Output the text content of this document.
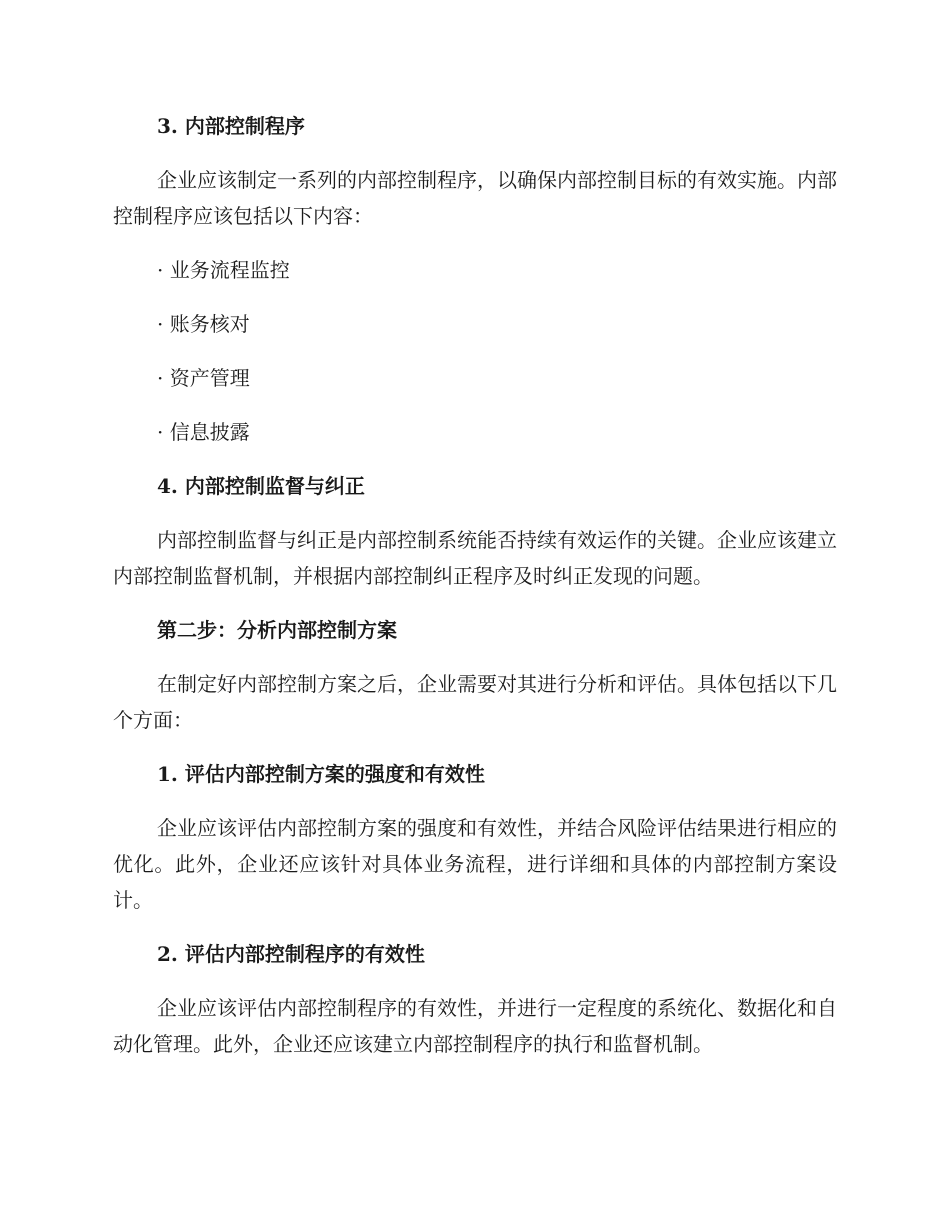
3. 内部控制程序
企业应该制定一系列的内部控制程序，以确保内部控制目标的有效实施。内部控制程序应该包括以下内容：
· 业务流程监控
· 账务核对
· 资产管理
· 信息披露
4. 内部控制监督与纠正
内部控制监督与纠正是内部控制系统能否持续有效运作的关键。企业应该建立内部控制监督机制，并根据内部控制纠正程序及时纠正发现的问题。
第二步：分析内部控制方案
在制定好内部控制方案之后，企业需要对其进行分析和评估。具体包括以下几个方面：
1. 评估内部控制方案的强度和有效性
企业应该评估内部控制方案的强度和有效性，并结合风险评估结果进行相应的优化。此外，企业还应该针对具体业务流程，进行详细和具体的内部控制方案设计。
2. 评估内部控制程序的有效性
企业应该评估内部控制程序的有效性，并进行一定程度的系统化、数据化和自动化管理。此外，企业还应该建立内部控制程序的执行和监督机制。
